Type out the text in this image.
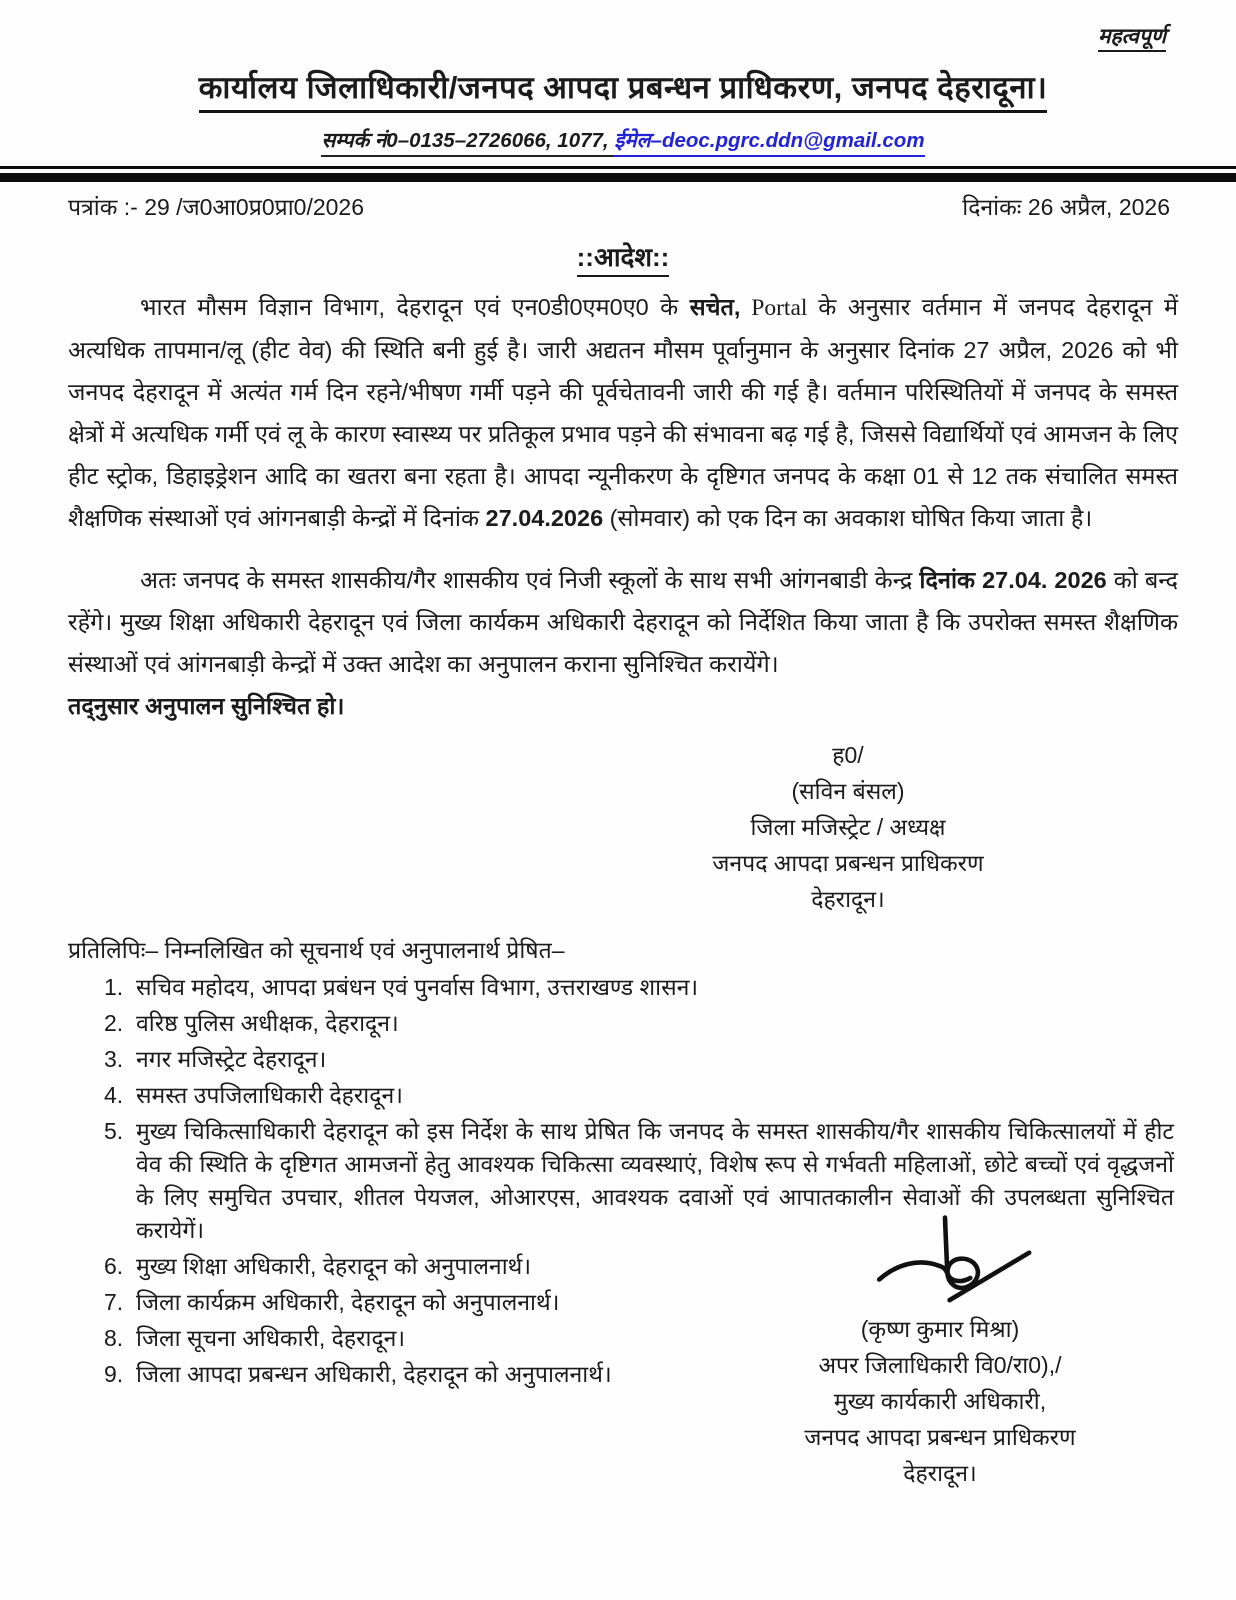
महत्वपूर्ण
कार्यालय जिलाधिकारी/जनपद आपदा प्रबन्धन प्राधिकरण, जनपद देहरादूना।
सम्पर्क नं0–0135–2726066, 1077, ईमेल–deoc.pgrc.ddn@gmail.com
पत्रांक :- 29 /ज0आ0प्र0प्रा0/2026	दिनांकः 26 अप्रैल, 2026
::आदेश::

भारत मौसम विज्ञान विभाग, देहरादून एवं एन0डी0एम0ए0 के सचेत, Portal के अनुसार वर्तमान में जनपद देहरादून में अत्यधिक तापमान/लू (हीट वेव) की स्थिति बनी हुई है। जारी अद्यतन मौसम पूर्वानुमान के अनुसार दिनांक 27 अप्रैल, 2026 को भी जनपद देहरादून में अत्यंत गर्म दिन रहने/भीषण गर्मी पड़ने की पूर्वचेतावनी जारी की गई है। वर्तमान परिस्थितियों में जनपद के समस्त क्षेत्रों में अत्यधिक गर्मी एवं लू के कारण स्वास्थ्य पर प्रतिकूल प्रभाव पड़ने की संभावना बढ़ गई है, जिससे विद्यार्थियों एवं आमजन के लिए हीट स्ट्रोक, डिहाइड्रेशन आदि का खतरा बना रहता है। आपदा न्यूनीकरण के दृष्टिगत जनपद के कक्षा 01 से 12 तक संचालित समस्त शैक्षणिक संस्थाओं एवं आंगनबाड़ी केन्द्रों में दिनांक 27.04.2026 (सोमवार) को एक दिन का अवकाश घोषित किया जाता है।

अतः जनपद के समस्त शासकीय/गैर शासकीय एवं निजी स्कूलों के साथ सभी आंगनबाडी केन्द्र दिनांक 27.04. 2026 को बन्द रहेंगे। मुख्य शिक्षा अधिकारी देहरादून एवं जिला कार्यकम अधिकारी देहरादून को निर्देशित किया जाता है कि उपरोक्त समस्त शैक्षणिक संस्थाओं एवं आंगनबाड़ी केन्द्रों में उक्त आदेश का अनुपालन कराना सुनिश्चित करायेंगे।

तद्नुसार अनुपालन सुनिश्चित हो।

ह0/
(सविन बंसल)
जिला मजिस्ट्रेट / अध्यक्ष
जनपद आपदा प्रबन्धन प्राधिकरण
देहरादून।
प्रतिलिपिः– निम्नलिखित को सूचनार्थ एवं अनुपालनार्थ प्रेषित–
1. सचिव महोदय, आपदा प्रबंधन एवं पुनर्वास विभाग, उत्तराखण्ड शासन।
2. वरिष्ठ पुलिस अधीक्षक, देहरादून।
3. नगर मजिस्ट्रेट देहरादून।
4. समस्त उपजिलाधिकारी देहरादून।
5. मुख्य चिकित्साधिकारी देहरादून को इस निर्देश के साथ प्रेषित कि जनपद के समस्त शासकीय/गैर शासकीय चिकित्सालयों में हीट वेव की स्थिति के दृष्टिगत आमजनों हेतु आवश्यक चिकित्सा व्यवस्थाएं, विशेष रूप से गर्भवती महिलाओं, छोटे बच्चों एवं वृद्धजनों के लिए समुचित उपचार, शीतल पेयजल, ओआरएस, आवश्यक दवाओं एवं आपातकालीन सेवाओं की उपलब्धता सुनिश्चित करायेगें।
6. मुख्य शिक्षा अधिकारी, देहरादून को अनुपालनार्थ।
7. जिला कार्यक्रम अधिकारी, देहरादून को अनुपालनार्थ।
8. जिला सूचना अधिकारी, देहरादून।
9. जिला आपदा प्रबन्धन अधिकारी, देहरादून को अनुपालनार्थ।
(कृष्ण कुमार मिश्रा)
अपर जिलाधिकारी वि0/रा0),/
मुख्य कार्यकारी अधिकारी,
जनपद आपदा प्रबन्धन प्राधिकरण
देहरादून।
